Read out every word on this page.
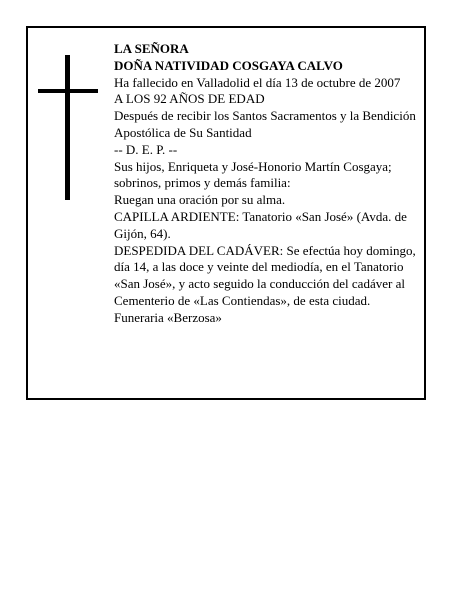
LA SEÑORA

DOÑA NATIVIDAD COSGAYA CALVO

Ha fallecido en Valladolid el día 13 de octubre de 2007

A LOS 92 AÑOS DE EDAD

Después de recibir los Santos Sacramentos y la Bendición Apostólica de Su Santidad

-- D. E. P. --

Sus hijos, Enriqueta y José-Honorio Martín Cosgaya; sobrinos, primos y demás familia:

Ruegan una oración por su alma.

CAPILLA ARDIENTE: Tanatorio «San José» (Avda. de Gijón, 64).

DESPEDIDA DEL CADÁVER: Se efectúa hoy domingo, día 14, a las doce y veinte del mediodía, en el Tanatorio «San José», y acto seguido la conducción del cadáver al Cementerio de «Las Contiendas», de esta ciudad.

Funeraria «Berzosa»
